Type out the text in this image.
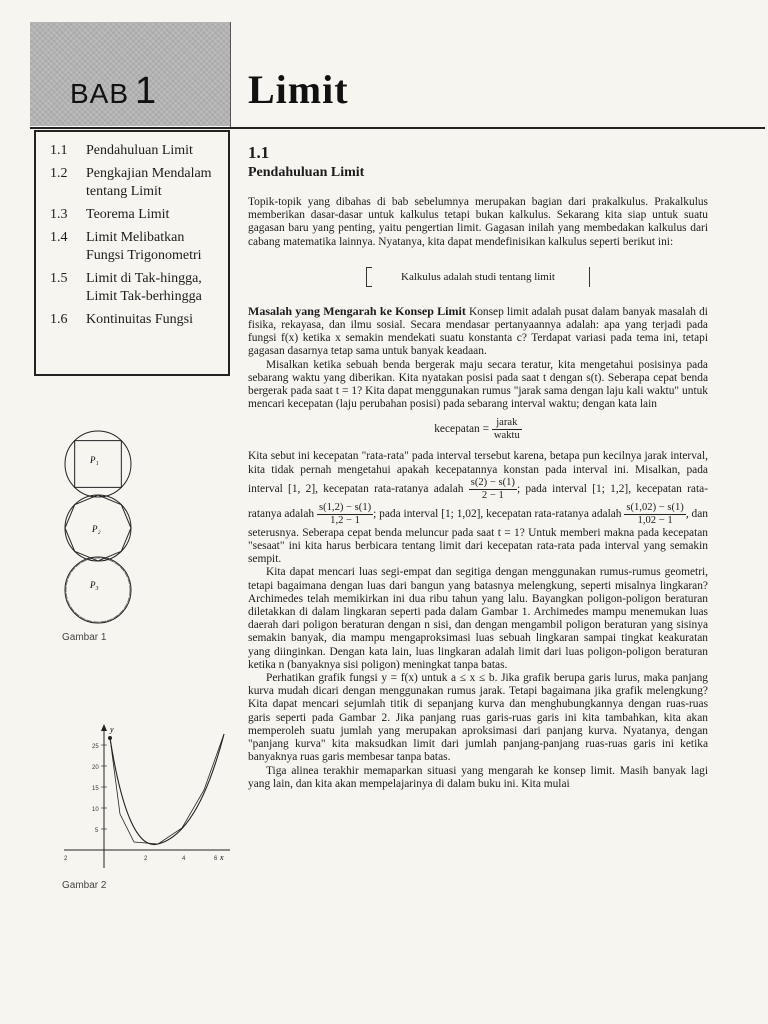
BAB 1 Limit
1.1	Pendahuluan Limit
1.2	Pengkajian Mendalam tentang Limit
1.3	Teorema Limit
1.4	Limit Melibatkan Fungsi Trigonometri
1.5	Limit di Tak-hingga, Limit Tak-berhingga
1.6	Kontinuitas Fungsi
P₁
P₂
P₃
Gambar 1
y
x
25
20
15
10
5
2	2	4	6
Gambar 2
1.1
Pendahuluan Limit

Topik-topik yang dibahas di bab sebelumnya merupakan bagian dari prakalkulus. Prakalkulus memberikan dasar-dasar untuk kalkulus tetapi bukan kalkulus. Sekarang kita siap untuk suatu gagasan baru yang penting, yaitu pengertian limit. Gagasan inilah yang membedakan kalkulus dari cabang matematika lainnya. Nyatanya, kita dapat mendefinisikan kalkulus seperti berikut ini:

Kalkulus adalah studi tentang limit

Masalah yang Mengarah ke Konsep Limit Konsep limit adalah pusat dalam banyak masalah di fisika, rekayasa, dan ilmu sosial. Secara mendasar pertanyaannya adalah: apa yang terjadi pada fungsi f(x) ketika x semakin mendekati suatu konstanta c? Terdapat variasi pada tema ini, tetapi gagasan dasarnya tetap sama untuk banyak keadaan.

Misalkan ketika sebuah benda bergerak maju secara teratur, kita mengetahui posisinya pada sebarang waktu yang diberikan. Kita nyatakan posisi pada saat t dengan s(t). Seberapa cepat benda bergerak pada saat t = 1? Kita dapat menggunakan rumus "jarak sama dengan laju kali waktu" untuk mencari kecepatan (laju perubahan posisi) pada sebarang interval waktu; dengan kata lain

kecepatan = $\frac{\text{jarak}}{\text{waktu}}$

Kita sebut ini kecepatan "rata-rata" pada interval tersebut karena, betapa pun kecilnya jarak interval, kita tidak pernah mengetahui apakah kecepatannya konstan pada interval ini. Misalkan, pada interval [1, 2], kecepatan rata-ratanya adalah $\frac{s(2) - s(1)}{2 - 1}$ ; pada interval [1; 1,2], kecepatan rata-ratanya adalah $\frac{s(1,2) - s(1)}{1,2 - 1}$ ; pada interval [1; 1,02], kecepatan rata-ratanya adalah $\frac{s(1,02) - s(1)}{1,02 - 1}$ , dan seterusnya. Seberapa cepat benda meluncur pada saat t = 1? Untuk memberi makna pada kecepatan "sesaat" ini kita harus berbicara tentang limit dari kecepatan rata-rata pada interval yang semakin sempit.

Kita dapat mencari luas segi-empat dan segitiga dengan menggunakan rumus-rumus geometri, tetapi bagaimana dengan luas dari bangun yang batasnya melengkung, seperti misalnya lingkaran? Archimedes telah memikirkan ini dua ribu tahun yang lalu. Bayangkan poligon-poligon beraturan diletakkan di dalam lingkaran seperti pada dalam Gambar 1. Archimedes mampu menemukan luas daerah dari poligon beraturan dengan n sisi, dan dengan mengambil poligon beraturan yang sisinya semakin banyak, dia mampu mengaproksimasi luas sebuah lingkaran sampai tingkat keakuratan yang diinginkan. Dengan kata lain, luas lingkaran adalah limit dari luas poligon-poligon beraturan ketika n (banyaknya sisi poligon) meningkat tanpa batas.

Perhatikan grafik fungsi y = f(x) untuk a ≤ x ≤ b. Jika grafik berupa garis lurus, maka panjang kurva mudah dicari dengan menggunakan rumus jarak. Tetapi bagaimana jika grafik melengkung? Kita dapat mencari sejumlah titik di sepanjang kurva dan menghubungkannya dengan ruas-ruas garis seperti pada Gambar 2. Jika panjang ruas garis-ruas garis ini kita tambahkan, kita akan memperoleh suatu jumlah yang merupakan aproksimasi dari panjang kurva. Nyatanya, dengan "panjang kurva" kita maksudkan limit dari jumlah panjang-panjang ruas-ruas garis ini ketika banyaknya ruas garis membesar tanpa batas.

Tiga alinea terakhir memaparkan situasi yang mengarah ke konsep limit. Masih banyak lagi yang lain, dan kita akan mempelajarinya di dalam buku ini. Kita mulai
